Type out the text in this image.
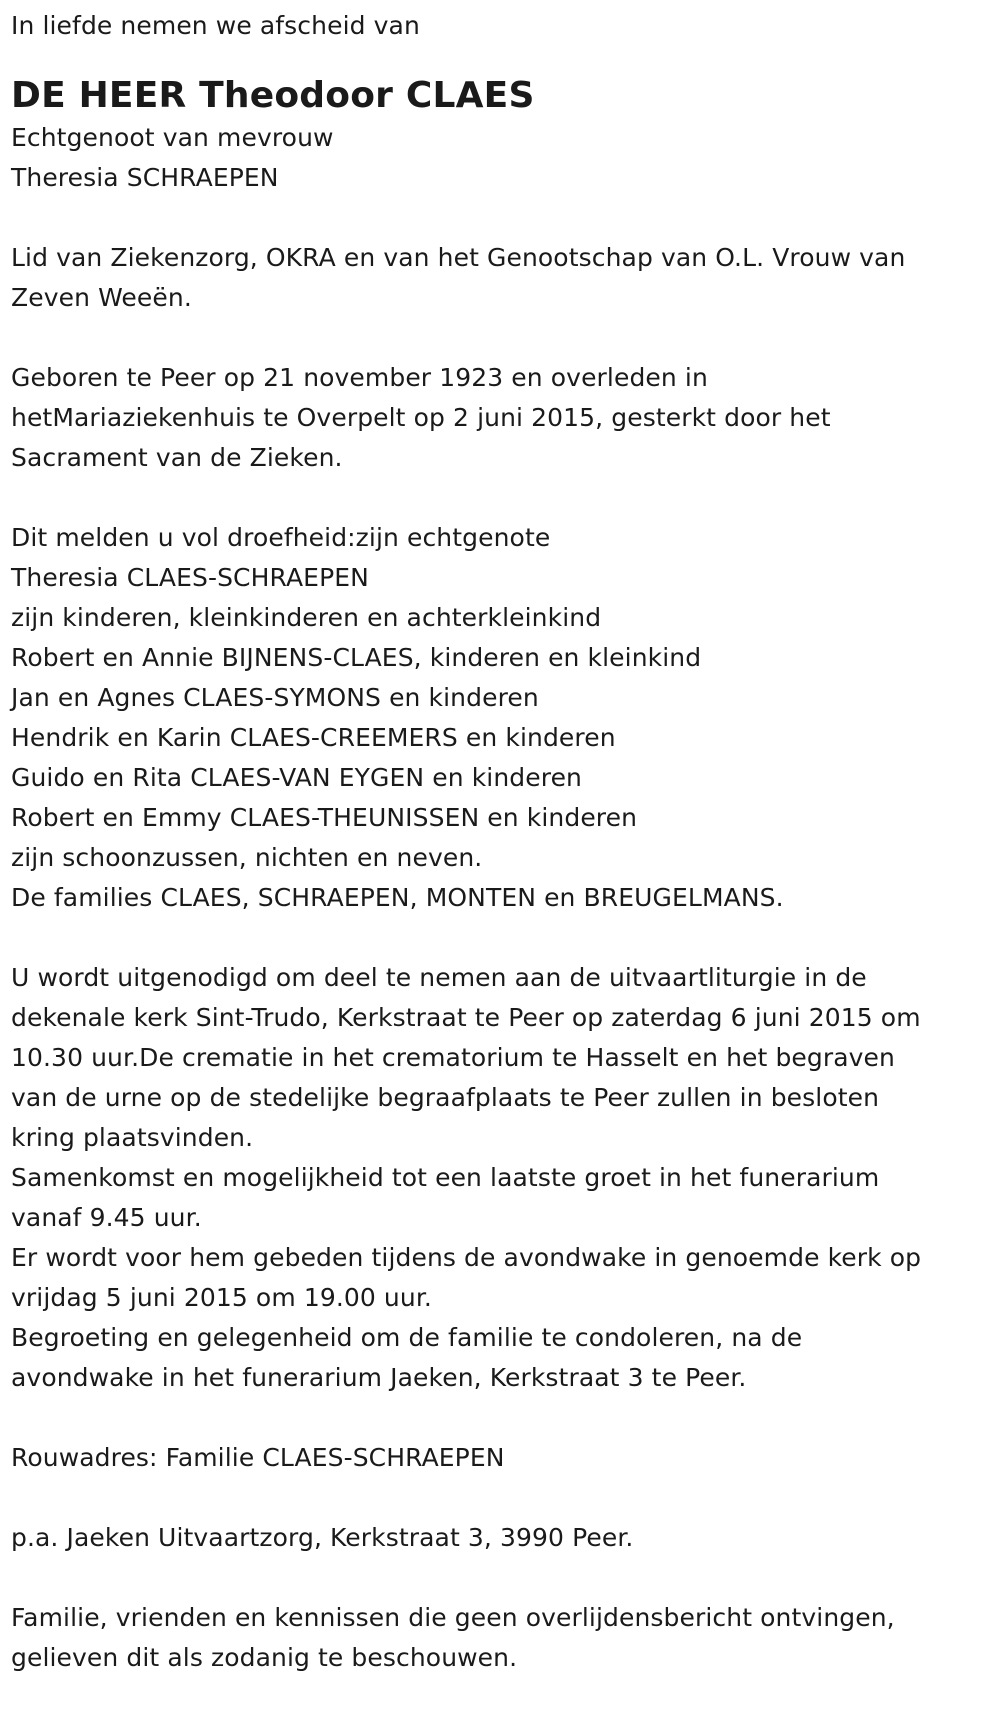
In liefde nemen we afscheid van
DE HEER Theodoor CLAES
Echtgenoot van mevrouw
Theresia SCHRAEPEN
Lid van Ziekenzorg, OKRA en van het Genootschap van O.L. Vrouw van
Zeven Weeën.
Geboren te Peer op 21 november 1923 en overleden in
hetMariaziekenhuis te Overpelt op 2 juni 2015, gesterkt door het
Sacrament van de Zieken.
Dit melden u vol droefheid:zijn echtgenote
Theresia CLAES-SCHRAEPEN
zijn kinderen, kleinkinderen en achterkleinkind
Robert en Annie BIJNENS-CLAES, kinderen en kleinkind
Jan en Agnes CLAES-SYMONS en kinderen
Hendrik en Karin CLAES-CREEMERS en kinderen
Guido en Rita CLAES-VAN EYGEN en kinderen
Robert en Emmy CLAES-THEUNISSEN en kinderen
zijn schoonzussen, nichten en neven.
De families CLAES, SCHRAEPEN, MONTEN en BREUGELMANS.
U wordt uitgenodigd om deel te nemen aan de uitvaartliturgie in de
dekenale kerk Sint-Trudo, Kerkstraat te Peer op zaterdag 6 juni 2015 om
10.30 uur.De crematie in het crematorium te Hasselt en het begraven
van de urne op de stedelijke begraafplaats te Peer zullen in besloten
kring plaatsvinden.
Samenkomst en mogelijkheid tot een laatste groet in het funerarium
vanaf 9.45 uur.
Er wordt voor hem gebeden tijdens de avondwake in genoemde kerk op
vrijdag 5 juni 2015 om 19.00 uur.
Begroeting en gelegenheid om de familie te condoleren, na de
avondwake in het funerarium Jaeken, Kerkstraat 3 te Peer.
Rouwadres: Familie CLAES-SCHRAEPEN
p.a. Jaeken Uitvaartzorg, Kerkstraat 3, 3990 Peer.
Familie, vrienden en kennissen die geen overlijdensbericht ontvingen,
gelieven dit als zodanig te beschouwen.
